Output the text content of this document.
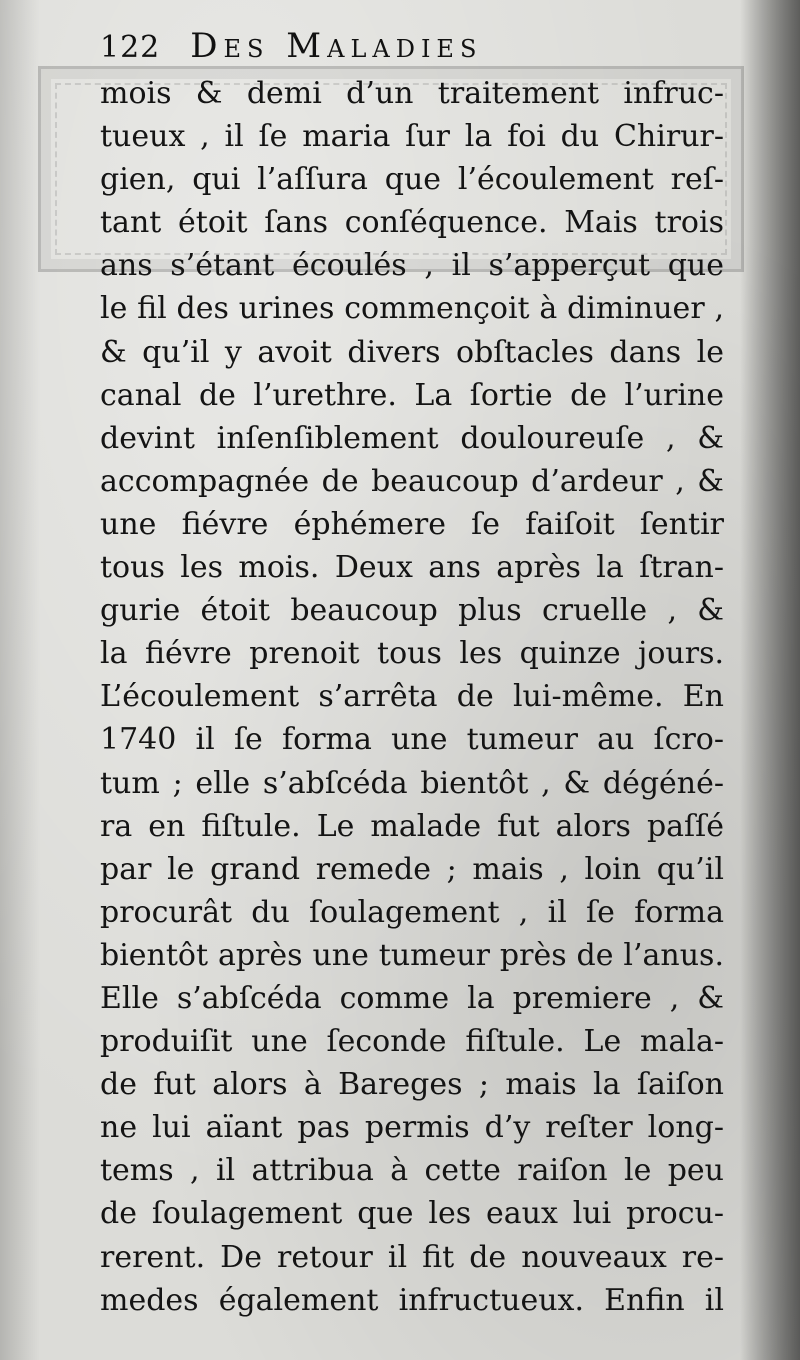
122 Des Maladies
mois & demi d’un traitement infruc-
tueux , il ſe maria ſur la foi du Chirur-
gien, qui l’aſſura que l’écoulement reſ-
tant étoit ſans conſéquence. Mais trois
ans s’étant écoulés , il s’apperçut que
le fil des urines commençoit à diminuer ,
& qu’il y avoit divers obſtacles dans le
canal de l’urethre. La ſortie de l’urine
devint inſenſiblement douloureuſe , &
accompagnée de beaucoup d’ardeur , &
une fiévre éphémere ſe faiſoit ſentir
tous les mois. Deux ans après la ſtran-
gurie étoit beaucoup plus cruelle , &
la fiévre prenoit tous les quinze jours.
L’écoulement s’arrêta de lui-même. En
1740 il ſe forma une tumeur au ſcro-
tum ; elle s’abſcéda bientôt , & dégéné-
ra en fiſtule. Le malade fut alors paſſé
par le grand remede ; mais , loin qu’il
procurât du ſoulagement , il ſe forma
bientôt après une tumeur près de l’anus.
Elle s’abſcéda comme la premiere , &
produiſit une ſeconde fiſtule. Le mala-
de fut alors à Bareges ; mais la ſaiſon
ne lui aïant pas permis d’y reſter long-
tems , il attribua à cette raiſon le peu
de ſoulagement que les eaux lui procu-
rerent. De retour il fit de nouveaux re-
medes également infructueux. Enfin il
